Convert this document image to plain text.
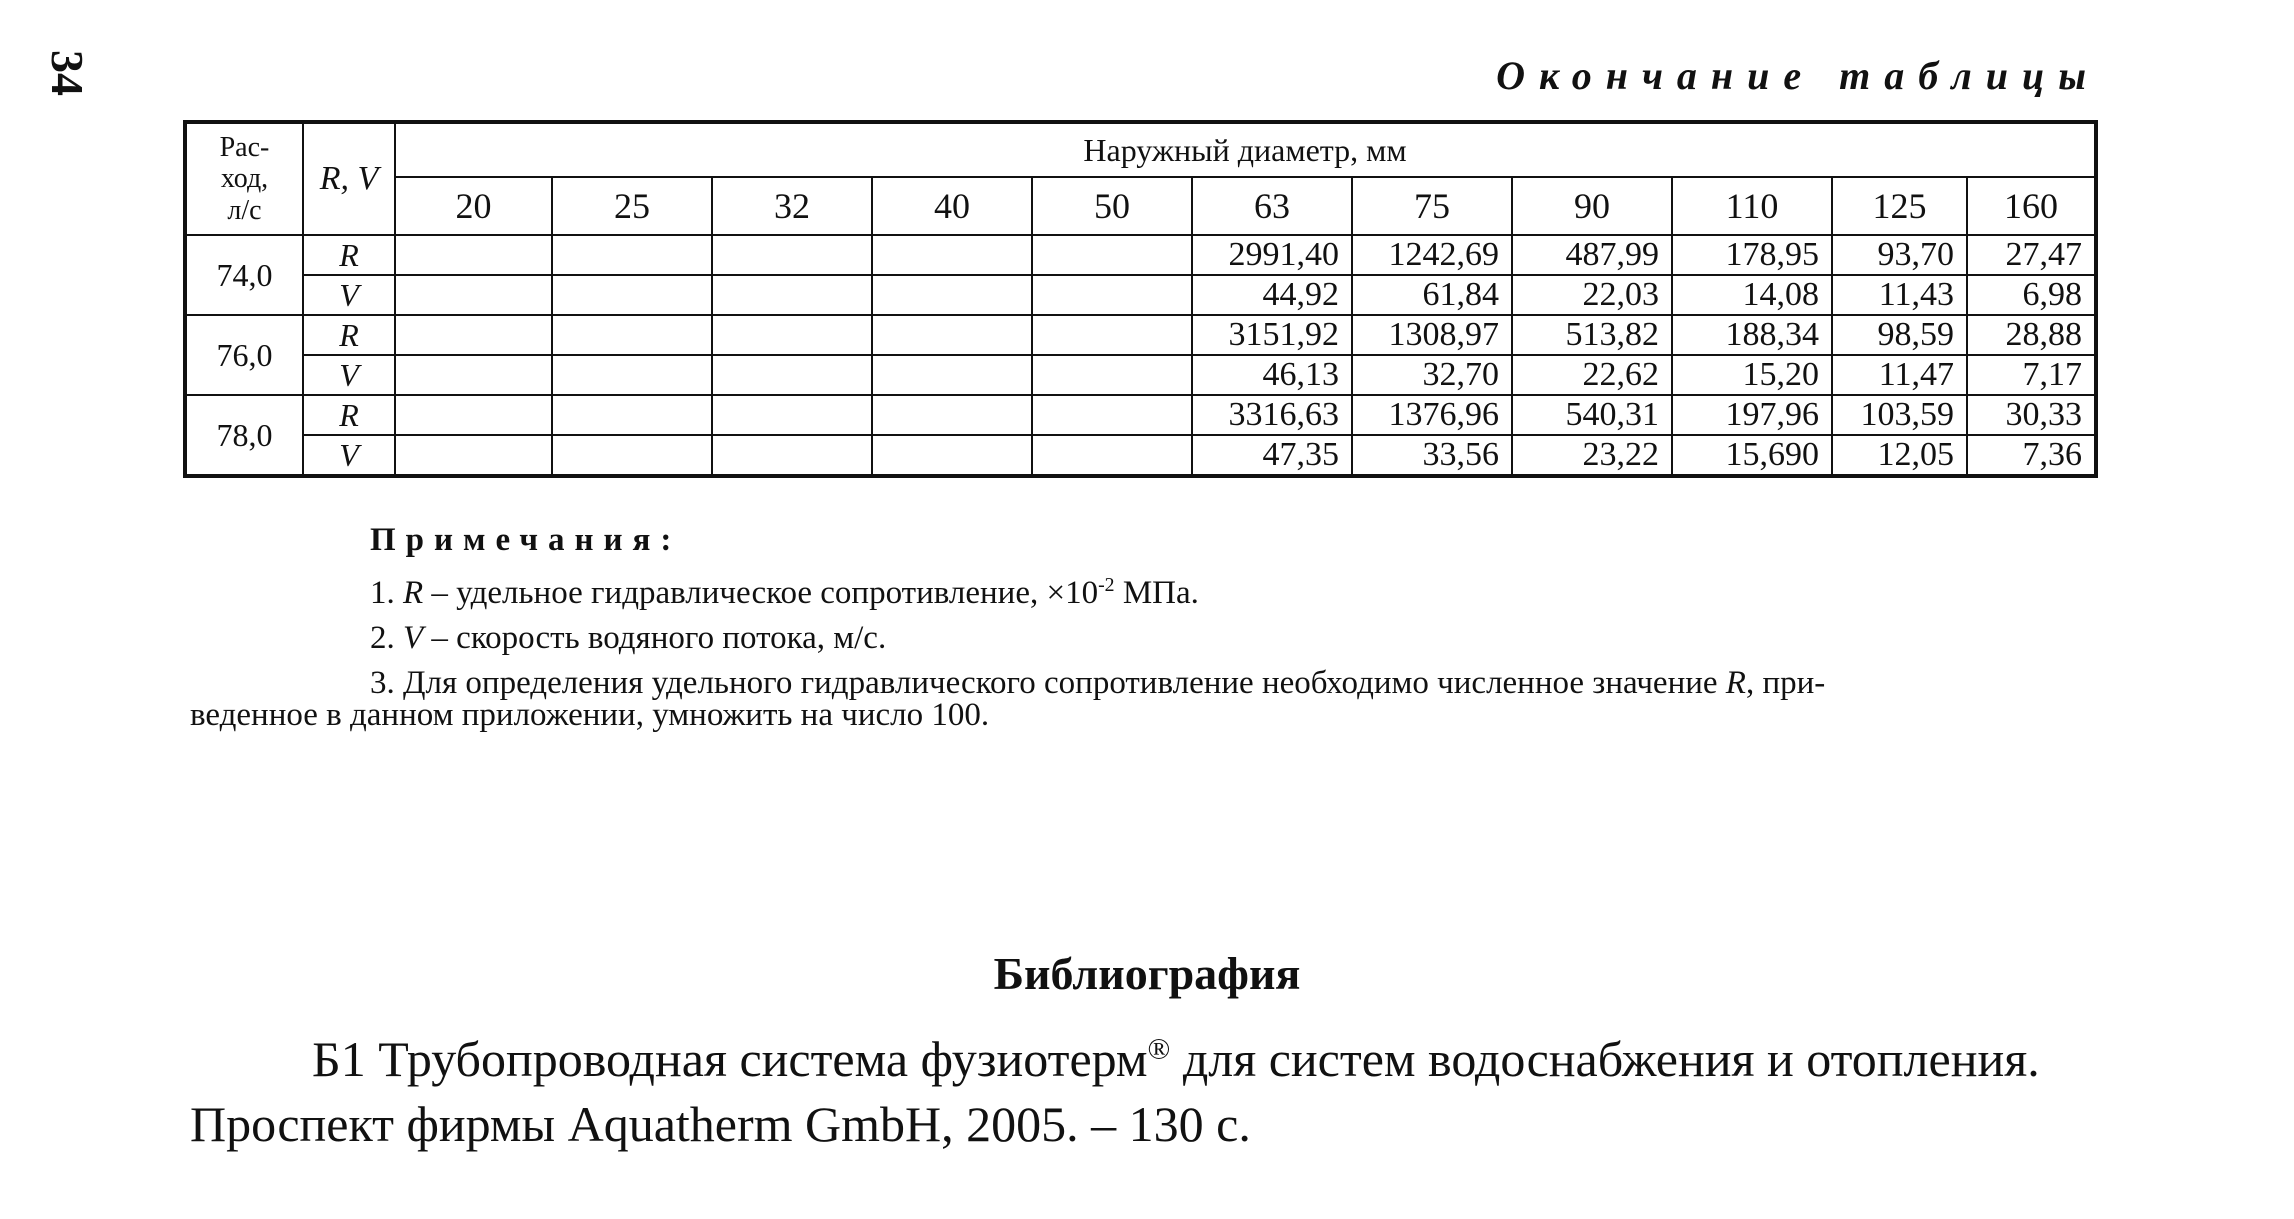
34	Окончание таблицы
Рас-
ход,
л/с	R, V	Наружный диаметр, мм										
		20	25	32	40	50	63	75	90	110	125	160
74,0	R						2991,40	1242,69	487,99	178,95	93,70	27,47
	V						44,92	61,84	22,03	14,08	11,43	6,98
76,0	R						3151,92	1308,97	513,82	188,34	98,59	28,88
	V						46,13	32,70	22,62	15,20	11,47	7,17
78,0	R						3316,63	1376,96	540,31	197,96	103,59	30,33
	V						47,35	33,56	23,22	15,690	12,05	7,36
Примечания:
1. R – удельное гидравлическое сопротивление, $\times 10^{-2}$ МПа.
2. V – скорость водяного потока, м/с.
3. Для определения удельного гидравлического сопротивление необходимо численное значение R, при-
веденное в данном приложении, умножить на число 100.
Библиография
Б1 Трубопроводная система фузиотерм® для систем водоснабжения и отопления.
Проспект фирмы Aquatherm GmbH, 2005. – 130 с.
